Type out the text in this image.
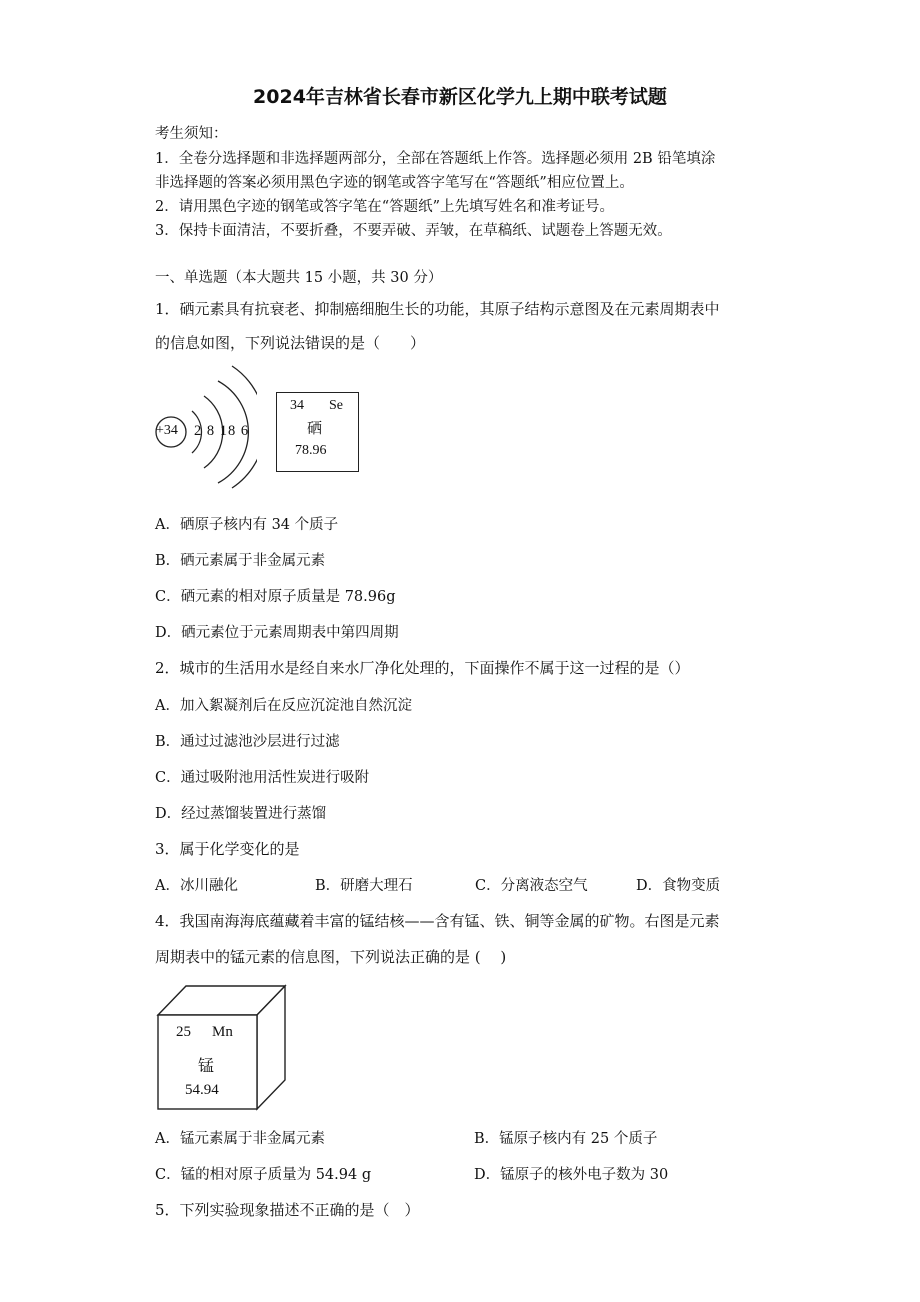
2024年吉林省长春市新区化学九上期中联考试题
考生须知：
1．全卷分选择题和非选择题两部分，全部在答题纸上作答。选择题必须用 2B 铅笔填涂
非选择题的答案必须用黑色字迹的钢笔或答字笔写在“答题纸”相应位置上。
2．请用黑色字迹的钢笔或答字笔在“答题纸”上先填写姓名和准考证号。
3．保持卡面清洁，不要折叠，不要弄破、弄皱，在草稿纸、试题卷上答题无效。
一、单选题（本大题共 15 小题，共 30 分）
1．硒元素具有抗衰老、抑制癌细胞生长的功能，其原子结构示意图及在元素周期表中
的信息如图，下列说法错误的是（　　）
+34 2 8 18 6
34 Se
硒
78.96
A．硒原子核内有 34 个质子
B．硒元素属于非金属元素
C．硒元素的相对原子质量是 78.96g
D．硒元素位于元素周期表中第四周期
2．城市的生活用水是经自来水厂净化处理的，下面操作不属于这一过程的是（）
A．加入絮凝剂后在反应沉淀池自然沉淀
B．通过过滤池沙层进行过滤
C．通过吸附池用活性炭进行吸附
D．经过蒸馏装置进行蒸馏
3．属于化学变化的是
A．冰川融化	B．研磨大理石	C．分离液态空气	D．食物变质
4．我国南海海底蕴藏着丰富的锰结核——含有锰、铁、铜等金属的矿物。右图是元素
周期表中的锰元素的信息图，下列说法正确的是 (　 )
25 Mn
锰
54.94
A．锰元素属于非金属元素	B．锰原子核内有 25 个质子
C．锰的相对原子质量为 54.94 g	D．锰原子的核外电子数为 30
5．下列实验现象描述不正确的是（　）
